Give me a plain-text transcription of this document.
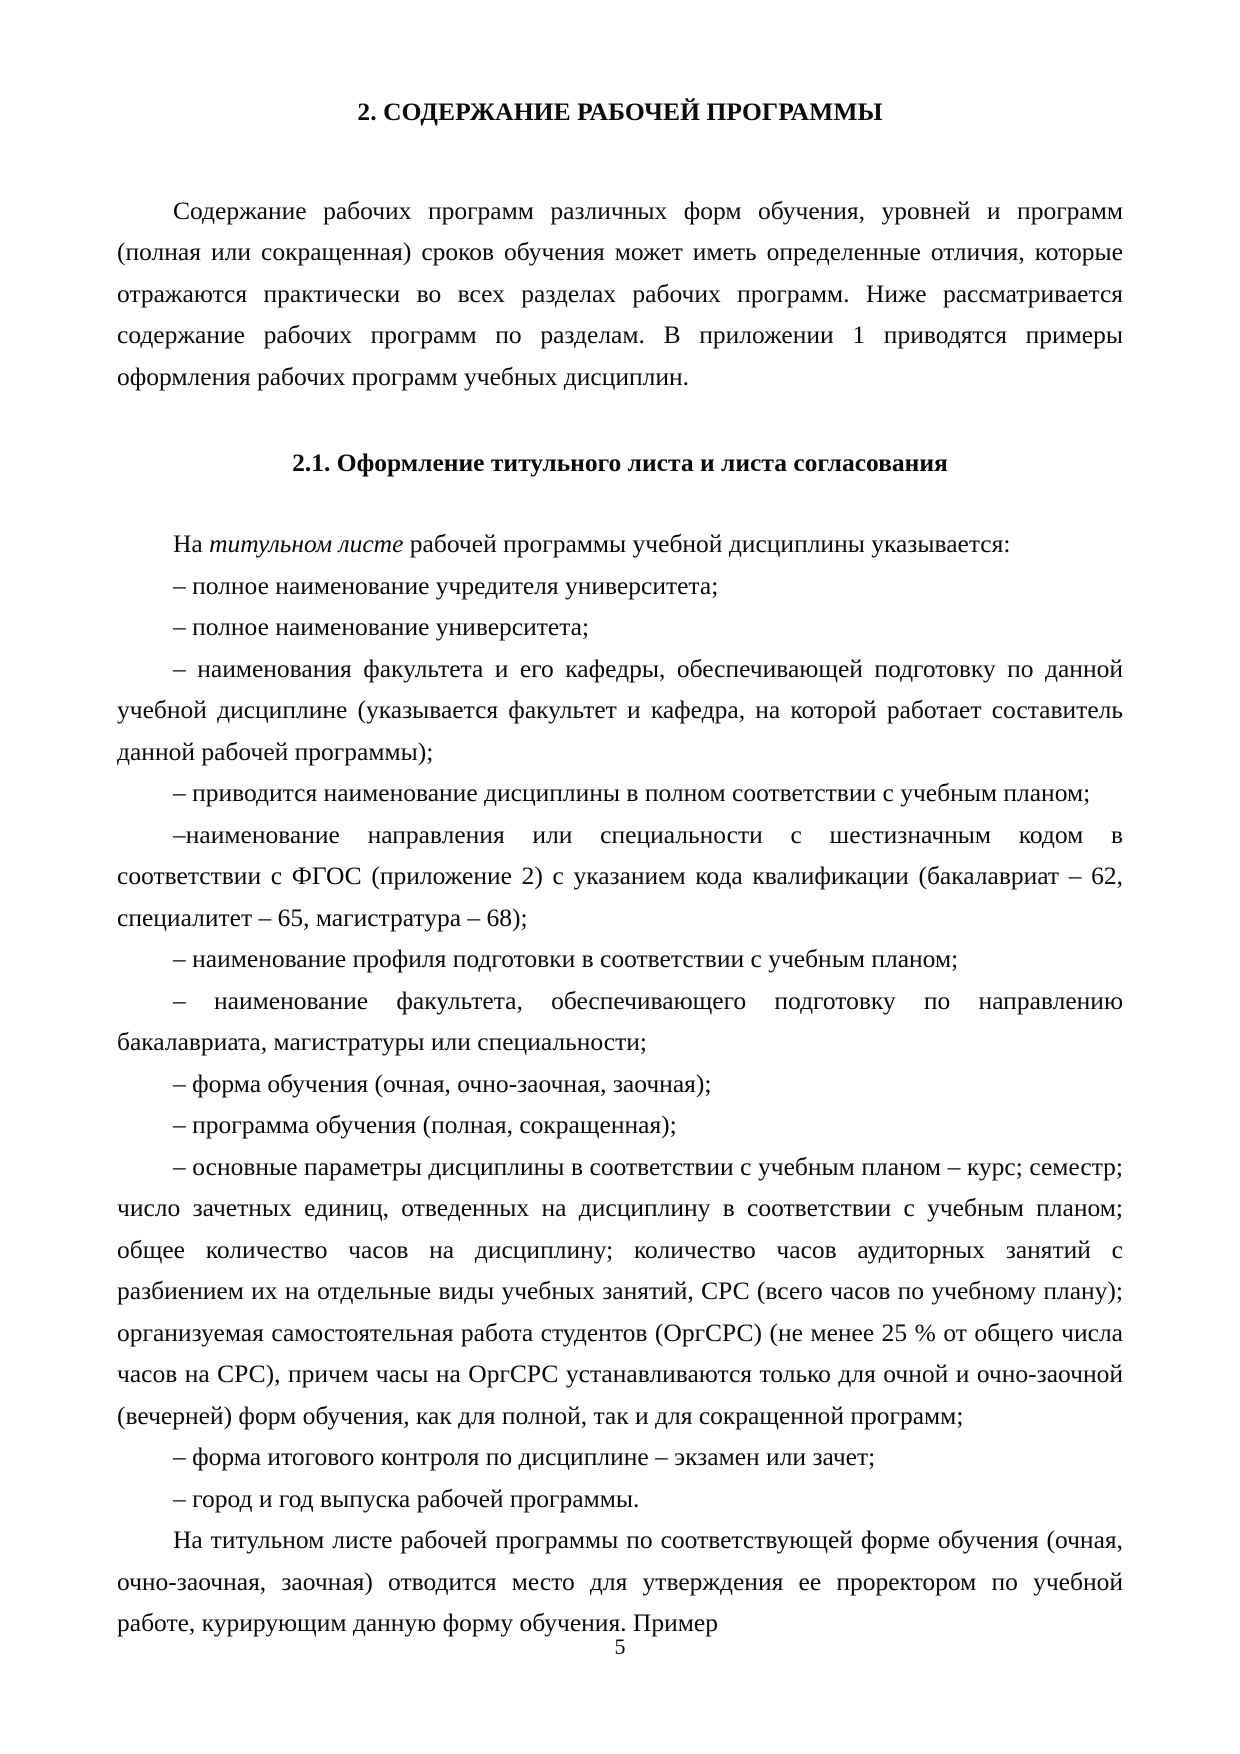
2. СОДЕРЖАНИЕ РАБОЧЕЙ ПРОГРАММЫ

Содержание рабочих программ различных форм обучения, уровней и программ (полная или сокращенная) сроков обучения может иметь определенные отличия, которые отражаются практически во всех разделах рабочих программ. Ниже рассматривается содержание рабочих программ по разделам. В приложении 1 приводятся примеры оформления рабочих программ учебных дисциплин.

2.1. Оформление титульного листа и листа согласования

На титульном листе рабочей программы учебной дисциплины указывается:

– полное наименование учредителя университета;

– полное наименование университета;

– наименования факультета и его кафедры, обеспечивающей подготовку по данной учебной дисциплине (указывается факультет и кафедра, на которой работает составитель данной рабочей программы);

– приводится наименование дисциплины в полном соответствии с учебным планом;

–наименование направления или специальности с шестизначным кодом в соответствии с ФГОС (приложение 2) с указанием кода квалификации (бакалавриат – 62, специалитет – 65, магистратура – 68);

– наименование профиля подготовки в соответствии с учебным планом;

– наименование факультета, обеспечивающего подготовку по направлению бакалавриата, магистратуры или специальности;

– форма обучения (очная, очно-заочная, заочная);

– программа обучения (полная, сокращенная);

– основные параметры дисциплины в соответствии с учебным планом – курс; семестр; число зачетных единиц, отведенных на дисциплину в соответствии с учебным планом; общее количество часов на дисциплину; количество часов аудиторных занятий с разбиением их на отдельные виды учебных занятий, СРС (всего часов по учебному плану); организуемая самостоятельная работа студентов (ОргСРС) (не менее 25 % от общего числа часов на СРС), причем часы на ОргСРС устанавливаются только для очной и очно-заочной (вечерней) форм обучения, как для полной, так и для сокращенной программ;

– форма итогового контроля по дисциплине – экзамен или зачет;

– город и год выпуска рабочей программы.

На титульном листе рабочей программы по соответствующей форме обучения (очная, очно-заочная, заочная) отводится место для утверждения ее проректором по учебной работе, курирующим данную форму обучения. Пример

5
